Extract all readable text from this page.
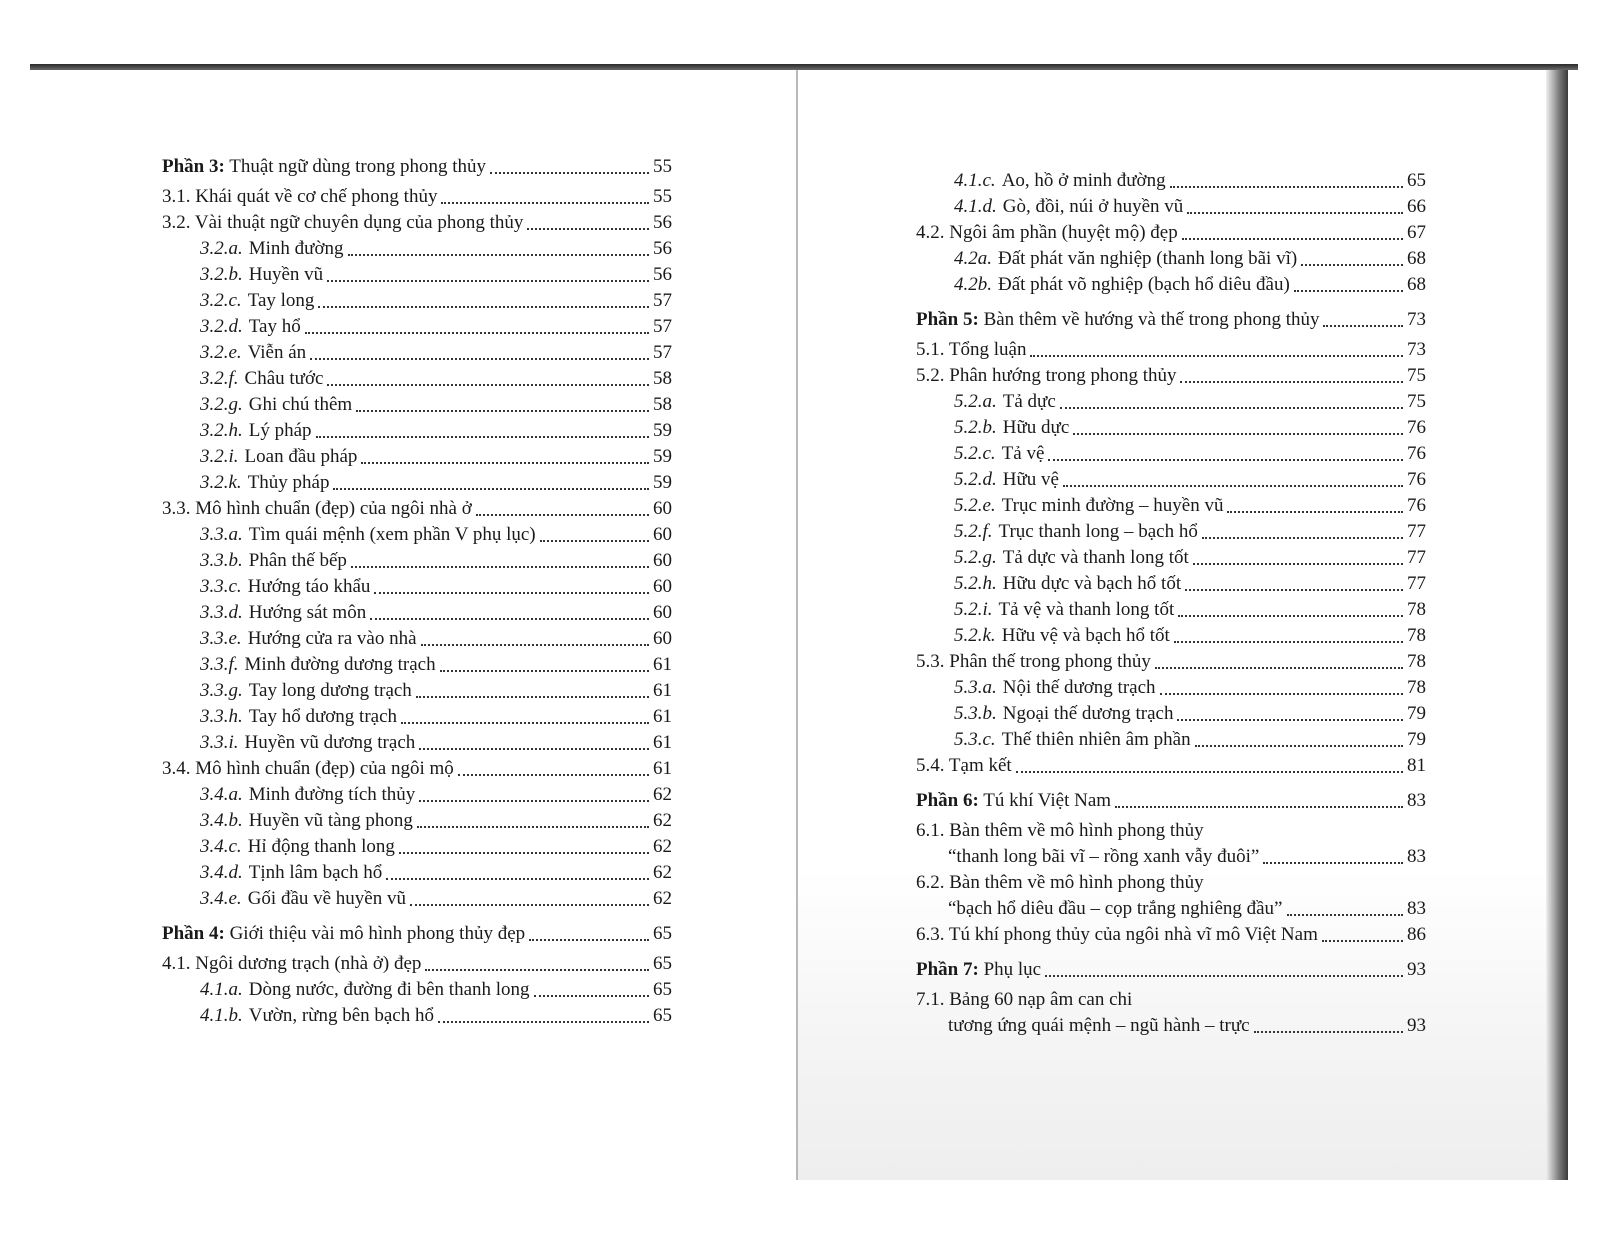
Phần 3: Thuật ngữ dùng trong phong thủy	55
3.1. Khái quát về cơ chế phong thủy	55
3.2. Vài thuật ngữ chuyên dụng của phong thủy	56
3.2.a. Minh đường	56
3.2.b. Huyền vũ	56
3.2.c. Tay long	57
3.2.d. Tay hổ	57
3.2.e. Viễn án	57
3.2.f. Châu tước	58
3.2.g. Ghi chú thêm	58
3.2.h. Lý pháp	59
3.2.i. Loan đầu pháp	59
3.2.k. Thủy pháp	59
3.3. Mô hình chuẩn (đẹp) của ngôi nhà ở	60
3.3.a. Tìm quái mệnh (xem phần V phụ lục)	60
3.3.b. Phân thế bếp	60
3.3.c. Hướng táo khẩu	60
3.3.d. Hướng sát môn	60
3.3.e. Hướng cửa ra vào nhà	60
3.3.f. Minh đường dương trạch	61
3.3.g. Tay long dương trạch	61
3.3.h. Tay hổ dương trạch	61
3.3.i. Huyền vũ dương trạch	61
3.4. Mô hình chuẩn (đẹp) của ngôi mộ	61
3.4.a. Minh đường tích thủy	62
3.4.b. Huyền vũ tàng phong	62
3.4.c. Hỉ động thanh long	62
3.4.d. Tịnh lâm bạch hổ	62
3.4.e. Gối đầu về huyền vũ	62
Phần 4: Giới thiệu vài mô hình phong thủy đẹp	65
4.1. Ngôi dương trạch (nhà ở) đẹp	65
4.1.a. Dòng nước, đường đi bên thanh long	65
4.1.b. Vườn, rừng bên bạch hổ	65
4.1.c. Ao, hồ ở minh đường	65
4.1.d. Gò, đồi, núi ở huyền vũ	66
4.2. Ngôi âm phần (huyệt mộ) đẹp	67
4.2a. Đất phát văn nghiệp (thanh long bãi vĩ)	68
4.2b. Đất phát võ nghiệp (bạch hổ diêu đầu)	68
Phần 5: Bàn thêm về hướng và thế trong phong thủy	73
5.1. Tổng luận	73
5.2. Phân hướng trong phong thủy	75
5.2.a. Tả dực	75
5.2.b. Hữu dực	76
5.2.c. Tả vệ	76
5.2.d. Hữu vệ	76
5.2.e. Trục minh đường – huyền vũ	76
5.2.f. Trục thanh long – bạch hổ	77
5.2.g. Tả dực và thanh long tốt	77
5.2.h. Hữu dực và bạch hổ tốt	77
5.2.i. Tả vệ và thanh long tốt	78
5.2.k. Hữu vệ và bạch hổ tốt	78
5.3. Phân thế trong phong thủy	78
5.3.a. Nội thế dương trạch	78
5.3.b. Ngoại thế dương trạch	79
5.3.c. Thế thiên nhiên âm phần	79
5.4. Tạm kết	81
Phần 6: Tú khí Việt Nam	83
6.1. Bàn thêm về mô hình phong thủy
“thanh long bãi vĩ – rồng xanh vẫy đuôi”	83
6.2. Bàn thêm về mô hình phong thủy
“bạch hổ diêu đầu – cọp trắng nghiêng đầu”	83
6.3. Tú khí phong thủy của ngôi nhà vĩ mô Việt Nam	86
Phần 7: Phụ lục	93
7.1. Bảng 60 nạp âm can chi
tương ứng quái mệnh – ngũ hành – trực	93
